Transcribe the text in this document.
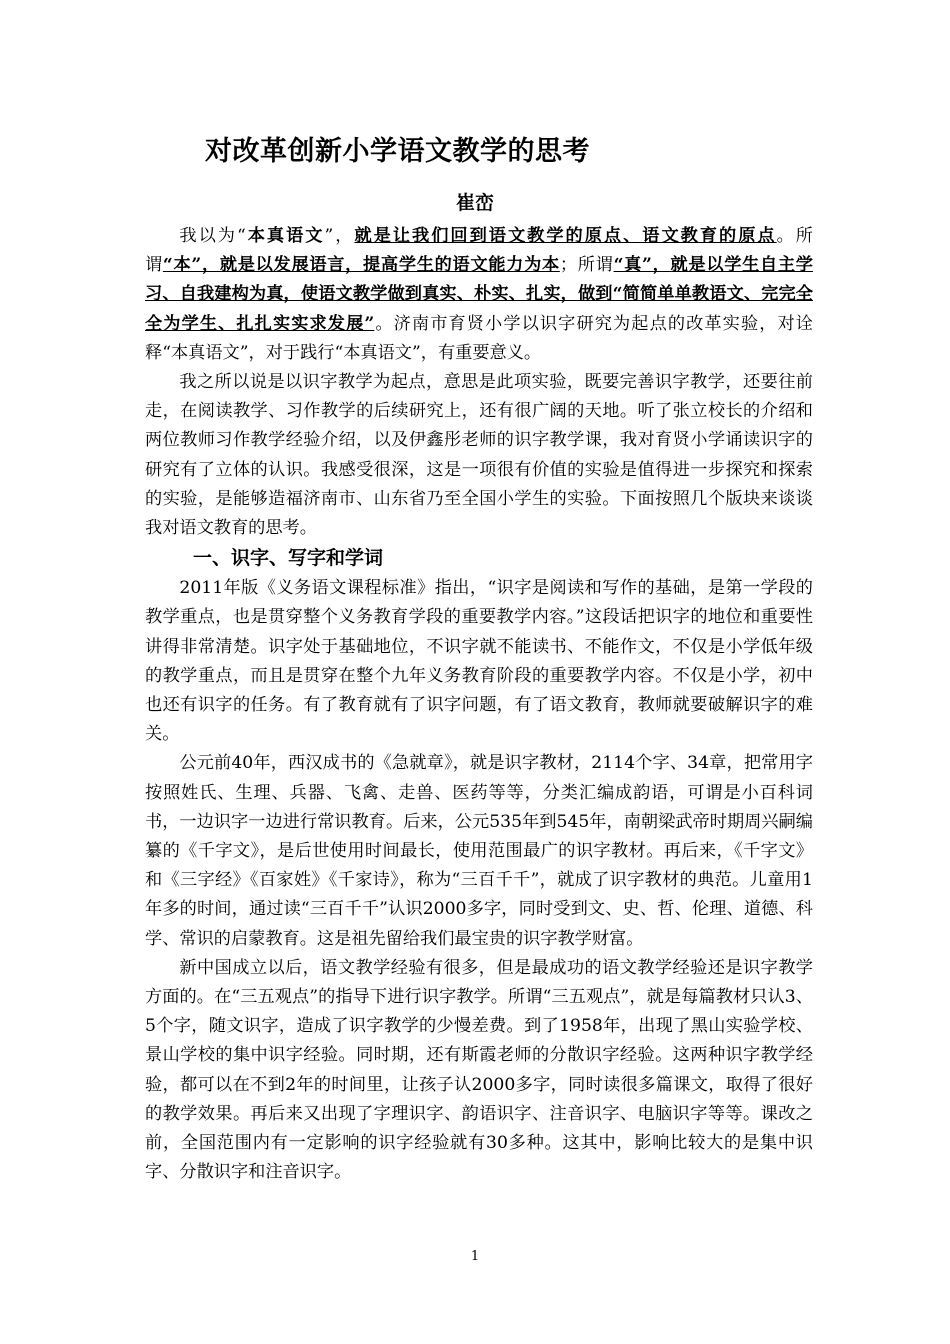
对改革创新小学语文教学的思考
崔峦

我以为“本真语文”，就是让我们回到语文教学的原点、语文教育的原点。所谓“本”，就是以发展语言，提高学生的语文能力为本；所谓“真”，就是以学生自主学习、自我建构为真，使语文教学做到真实、朴实、扎实，做到“简简单单教语文、完完全全为学生、扎扎实实求发展”。济南市育贤小学以识字研究为起点的改革实验，对诠释“本真语文”，对于践行“本真语文”，有重要意义。

我之所以说是以识字教学为起点，意思是此项实验，既要完善识字教学，还要往前走，在阅读教学、习作教学的后续研究上，还有很广阔的天地。听了张立校长的介绍和两位教师习作教学经验介绍，以及伊鑫彤老师的识字教学课，我对育贤小学诵读识字的研究有了立体的认识。我感受很深，这是一项很有价值的实验是值得进一步探究和探索的实验，是能够造福济南市、山东省乃至全国小学生的实验。下面按照几个版块来谈谈我对语文教育的思考。

一、识字、写字和学词

2011年版《义务语文课程标准》指出，“识字是阅读和写作的基础，是第一学段的教学重点，也是贯穿整个义务教育学段的重要教学内容。”这段话把识字的地位和重要性讲得非常清楚。识字处于基础地位，不识字就不能读书、不能作文，不仅是小学低年级的教学重点，而且是贯穿在整个九年义务教育阶段的重要教学内容。不仅是小学，初中也还有识字的任务。有了教育就有了识字问题，有了语文教育，教师就要破解识字的难关。

公元前40年，西汉成书的《急就章》，就是识字教材，2114个字、34章，把常用字按照姓氏、生理、兵器、飞禽、走兽、医药等等，分类汇编成韵语，可谓是小百科词书，一边识字一边进行常识教育。后来，公元535年到545年，南朝梁武帝时期周兴嗣编纂的《千字文》，是后世使用时间最长，使用范围最广的识字教材。再后来，《千字文》和《三字经》《百家姓》《千家诗》，称为“三百千千”，就成了识字教材的典范。儿童用1年多的时间，通过读“三百千千”认识2000多字，同时受到文、史、哲、伦理、道德、科学、常识的启蒙教育。这是祖先留给我们最宝贵的识字教学财富。

新中国成立以后，语文教学经验有很多，但是最成功的语文教学经验还是识字教学方面的。在“三五观点”的指导下进行识字教学。所谓“三五观点”，就是每篇教材只认3、5个字，随文识字，造成了识字教学的少慢差费。到了1958年，出现了黑山实验学校、景山学校的集中识字经验。同时期，还有斯霞老师的分散识字经验。这两种识字教学经验，都可以在不到2年的时间里，让孩子认2000多字，同时读很多篇课文，取得了很好的教学效果。再后来又出现了字理识字、韵语识字、注音识字、电脑识字等等。课改之前，全国范围内有一定影响的识字经验就有30多种。这其中，影响比较大的是集中识字、分散识字和注音识字。

1
